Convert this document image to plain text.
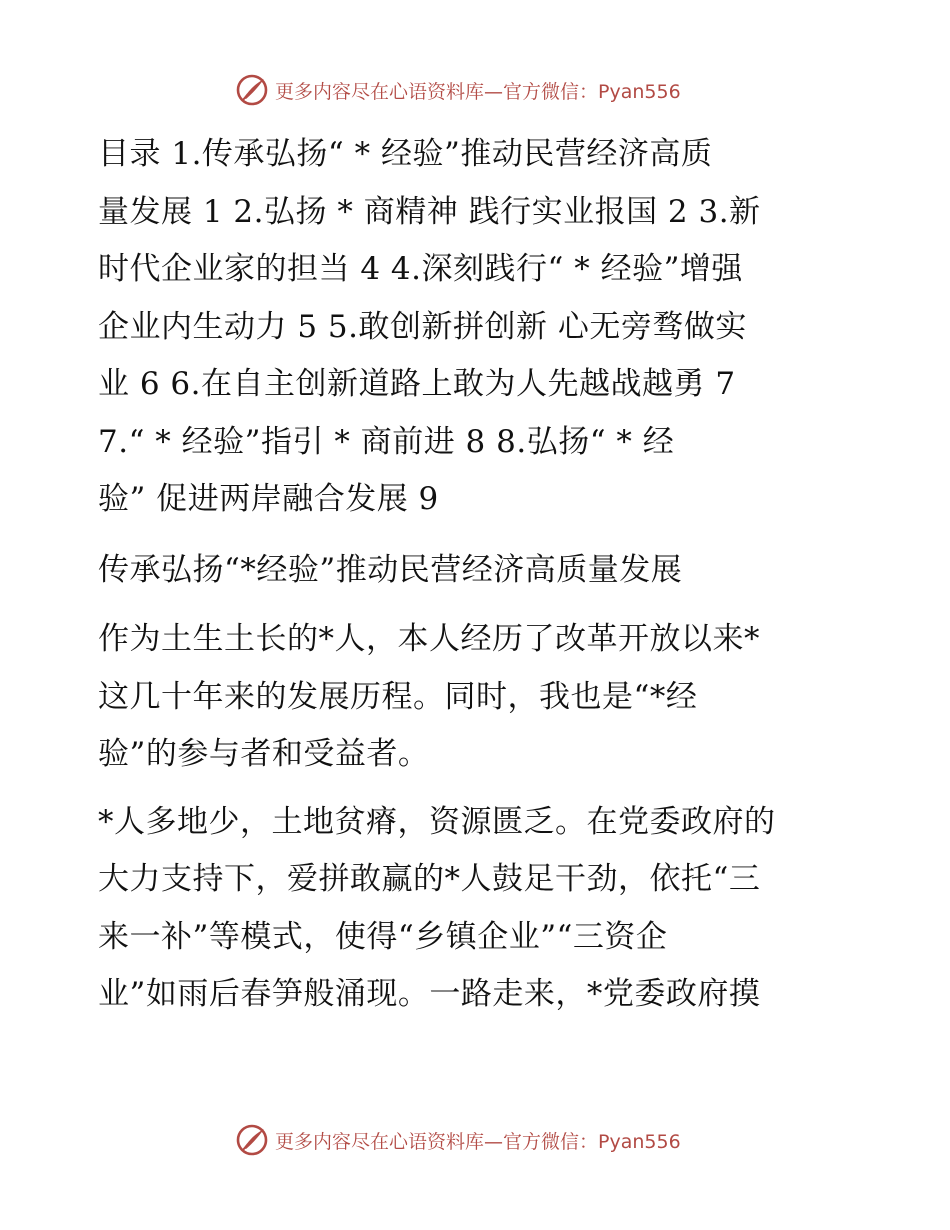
更多内容尽在心语资料库—官方微信：Pyan556

目录 1.传承弘扬“ * 经验”推动民营经济高质
量发展 1 2.弘扬 * 商精神 践行实业报国 2 3.新
时代企业家的担当 4 4.深刻践行“ * 经验”增强
企业内生动力 5 5.敢创新拼创新 心无旁骛做实
业 6 6.在自主创新道路上敢为人先越战越勇 7
7.“ * 经验”指引 * 商前进 8 8.弘扬“ * 经
验” 促进两岸融合发展 9

传承弘扬“*经验”推动民营经济高质量发展

作为土生土长的*人，本人经历了改革开放以来*
这几十年来的发展历程。同时，我也是“*经
验”的参与者和受益者。

*人多地少，土地贫瘠，资源匮乏。在党委政府的
大力支持下，爱拼敢赢的*人鼓足干劲，依托“三
来一补”等模式，使得“乡镇企业”“三资企
业”如雨后春笋般涌现。一路走来，*党委政府摸

更多内容尽在心语资料库—官方微信：Pyan556
